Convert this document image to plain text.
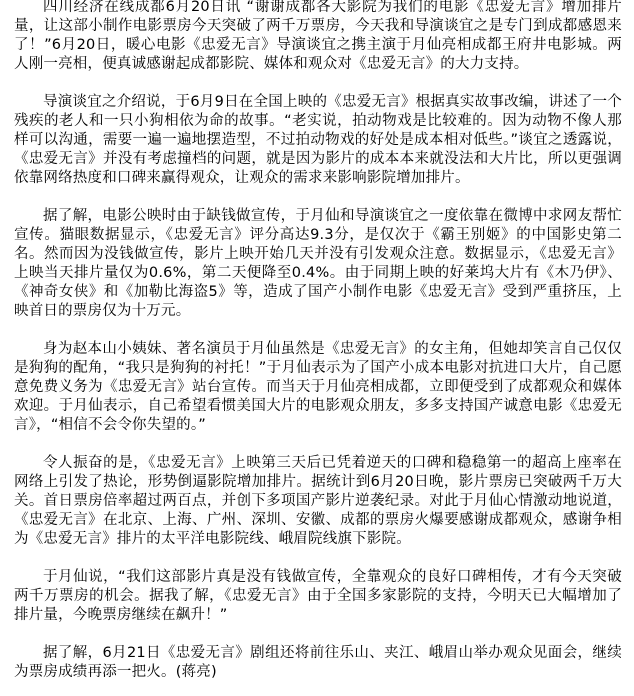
四川经济在线成都6月20日讯 “谢谢成都各大影院为我们的电影《忠爱无言》增加排片量，让这部小制作电影票房今天突破了两千万票房，今天我和导演谈宜之是专门到成都感恩来了！”6月20日，暖心电影《忠爱无言》导演谈宜之携主演于月仙亮相成都王府井电影城。两人刚一亮相，便真诚感谢起成都影院、媒体和观众对《忠爱无言》的大力支持。

导演谈宜之介绍说，于6月9日在全国上映的《忠爱无言》根据真实故事改编，讲述了一个残疾的老人和一只小狗相依为命的故事。“老实说，拍动物戏是比较难的。因为动物不像人那样可以沟通，需要一遍一遍地摆造型，不过拍动物戏的好处是成本相对低些。”谈宜之透露说，《忠爱无言》并没有考虑撞档的问题，就是因为影片的成本本来就没法和大片比，所以更强调依靠网络热度和口碑来赢得观众，让观众的需求来影响影院增加排片。

据了解，电影公映时由于缺钱做宣传，于月仙和导演谈宜之一度依靠在微博中求网友帮忙宣传。猫眼数据显示，《忠爱无言》评分高达9.3分，是仅次于《霸王别姬》的中国影史第二名。然而因为没钱做宣传，影片上映开始几天并没有引发观众注意。数据显示，《忠爱无言》上映当天排片量仅为0.6%，第二天便降至0.4%。由于同期上映的好莱坞大片有《木乃伊》、《神奇女侠》和《加勒比海盗5》等，造成了国产小制作电影《忠爱无言》受到严重挤压，上映首日的票房仅为十万元。

身为赵本山小姨妹、著名演员于月仙虽然是《忠爱无言》的女主角，但她却笑言自己仅仅是狗狗的配角，“我只是狗狗的衬托！”于月仙表示为了国产小成本电影对抗进口大片，自己愿意免费义务为《忠爱无言》站台宣传。而当天于月仙亮相成都，立即便受到了成都观众和媒体欢迎。于月仙表示，自己希望看惯美国大片的电影观众朋友，多多支持国产诚意电影《忠爱无言》，“相信不会令你失望的。”

令人振奋的是，《忠爱无言》上映第三天后已凭着逆天的口碑和稳稳第一的超高上座率在网络上引发了热论，形势倒逼影院增加排片。据统计到6月20日晚，影片票房已突破两千万大关。首日票房倍率超过两百点，并创下多项国产影片逆袭纪录。对此于月仙心情激动地说道，《忠爱无言》在北京、上海、广州、深圳、安徽、成都的票房火爆要感谢成都观众，感谢争相为《忠爱无言》排片的太平洋电影院线、峨眉院线旗下影院。

于月仙说，“我们这部影片真是没有钱做宣传，全靠观众的良好口碑相传，才有今天突破两千万票房的机会。据我了解，《忠爱无言》由于全国多家影院的支持，今明天已大幅增加了排片量，今晚票房继续在飙升！”

据了解，6月21日《忠爱无言》剧组还将前往乐山、夹江、峨眉山举办观众见面会，继续为票房成绩再添一把火。(蒋亮)
